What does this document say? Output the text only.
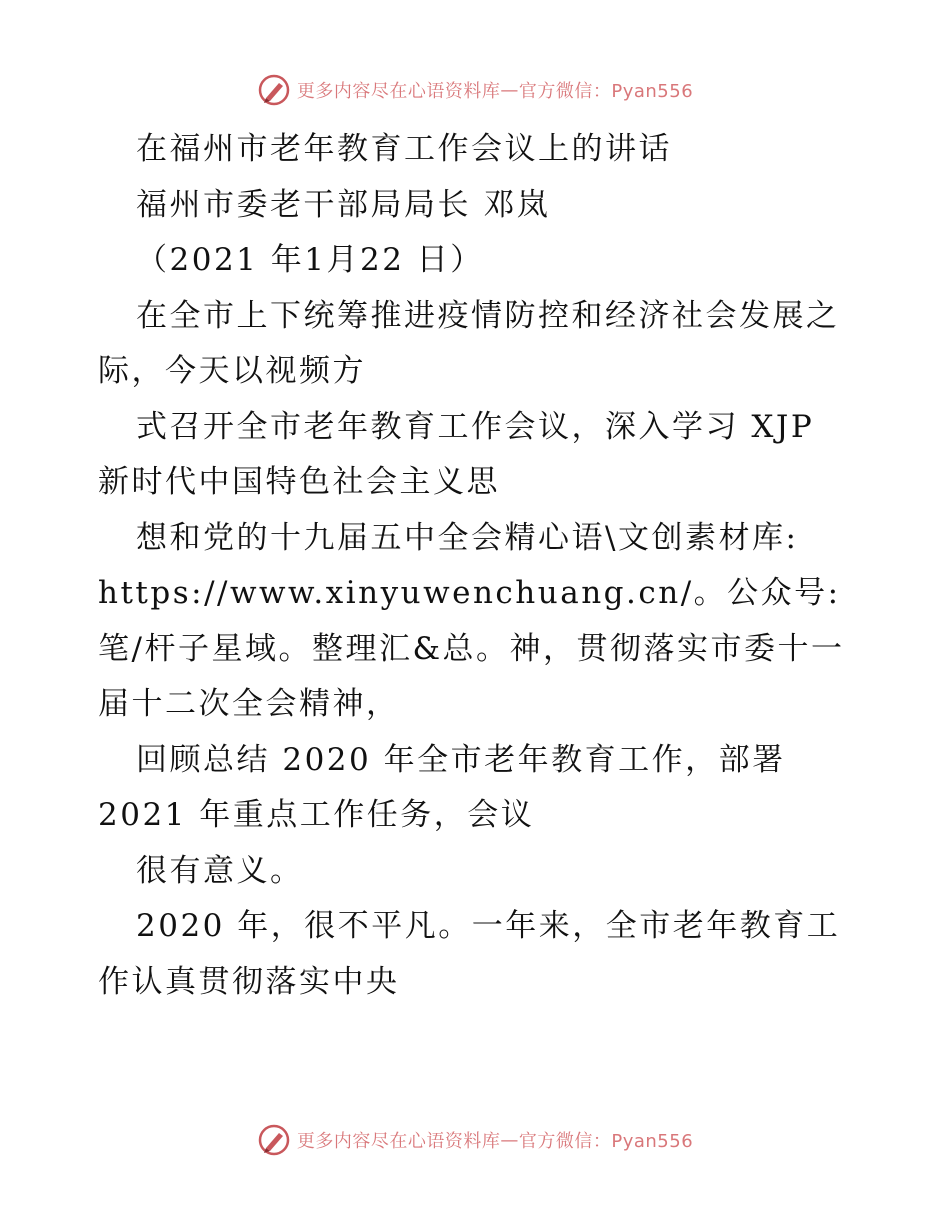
更多内容尽在心语资料库 — 官方微信：Pyan556
在福州市老年教育工作会议上的讲话
福州市委老干部局局长 邓岚
（2021 年1月22 日）
在全市上下统筹推进疫情防控和经济社会发展之
际，今天以视频方
式召开全市老年教育工作会议，深入学习 XJP
新时代中国特色社会主义思
想和党的十九届五中全会精心语\文创素材库:
https://www.xinyuwenchuang.cn/。公众号:
笔/杆子星域。整理汇&总。神，贯彻落实市委十一
届十二次全会精神，
回顾总结 2020 年全市老年教育工作，部署
2021 年重点工作任务，会议
很有意义。
2020 年，很不平凡。一年来，全市老年教育工
作认真贯彻落实中央
更多内容尽在心语资料库 — 官方微信：Pyan556
